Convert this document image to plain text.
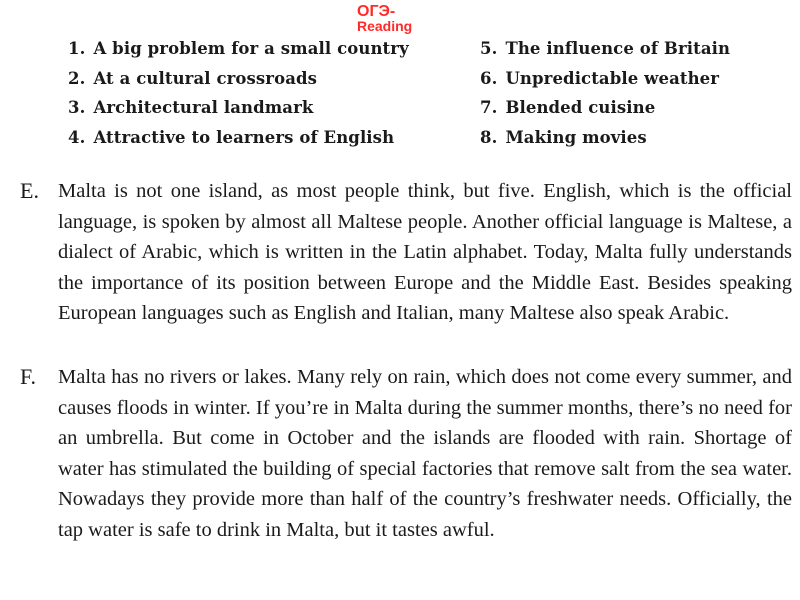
ОГЭ-Reading
1. A big problem for a small country
2. At a cultural crossroads
3. Architectural landmark
4. Attractive to learners of English
5. The influence of Britain
6. Unpredictable weather
7. Blended cuisine
8. Making movies
E. Malta is not one island, as most people think, but five. English, which is the official language, is spoken by almost all Maltese people. Another official language is Maltese, a dialect of Arabic, which is written in the Latin alphabet. Today, Malta fully understands the importance of its position between Europe and the Middle East. Besides speaking European languages such as English and Italian, many Maltese also speak Arabic.
F. Malta has no rivers or lakes. Many rely on rain, which does not come every summer, and causes floods in winter. If you’re in Malta during the summer months, there’s no need for an umbrella. But come in October and the islands are flooded with rain. Shortage of water has stimulated the building of special factories that remove salt from the sea water. Nowadays they provide more than half of the country’s freshwater needs. Officially, the tap water is safe to drink in Malta, but it tastes awful.
